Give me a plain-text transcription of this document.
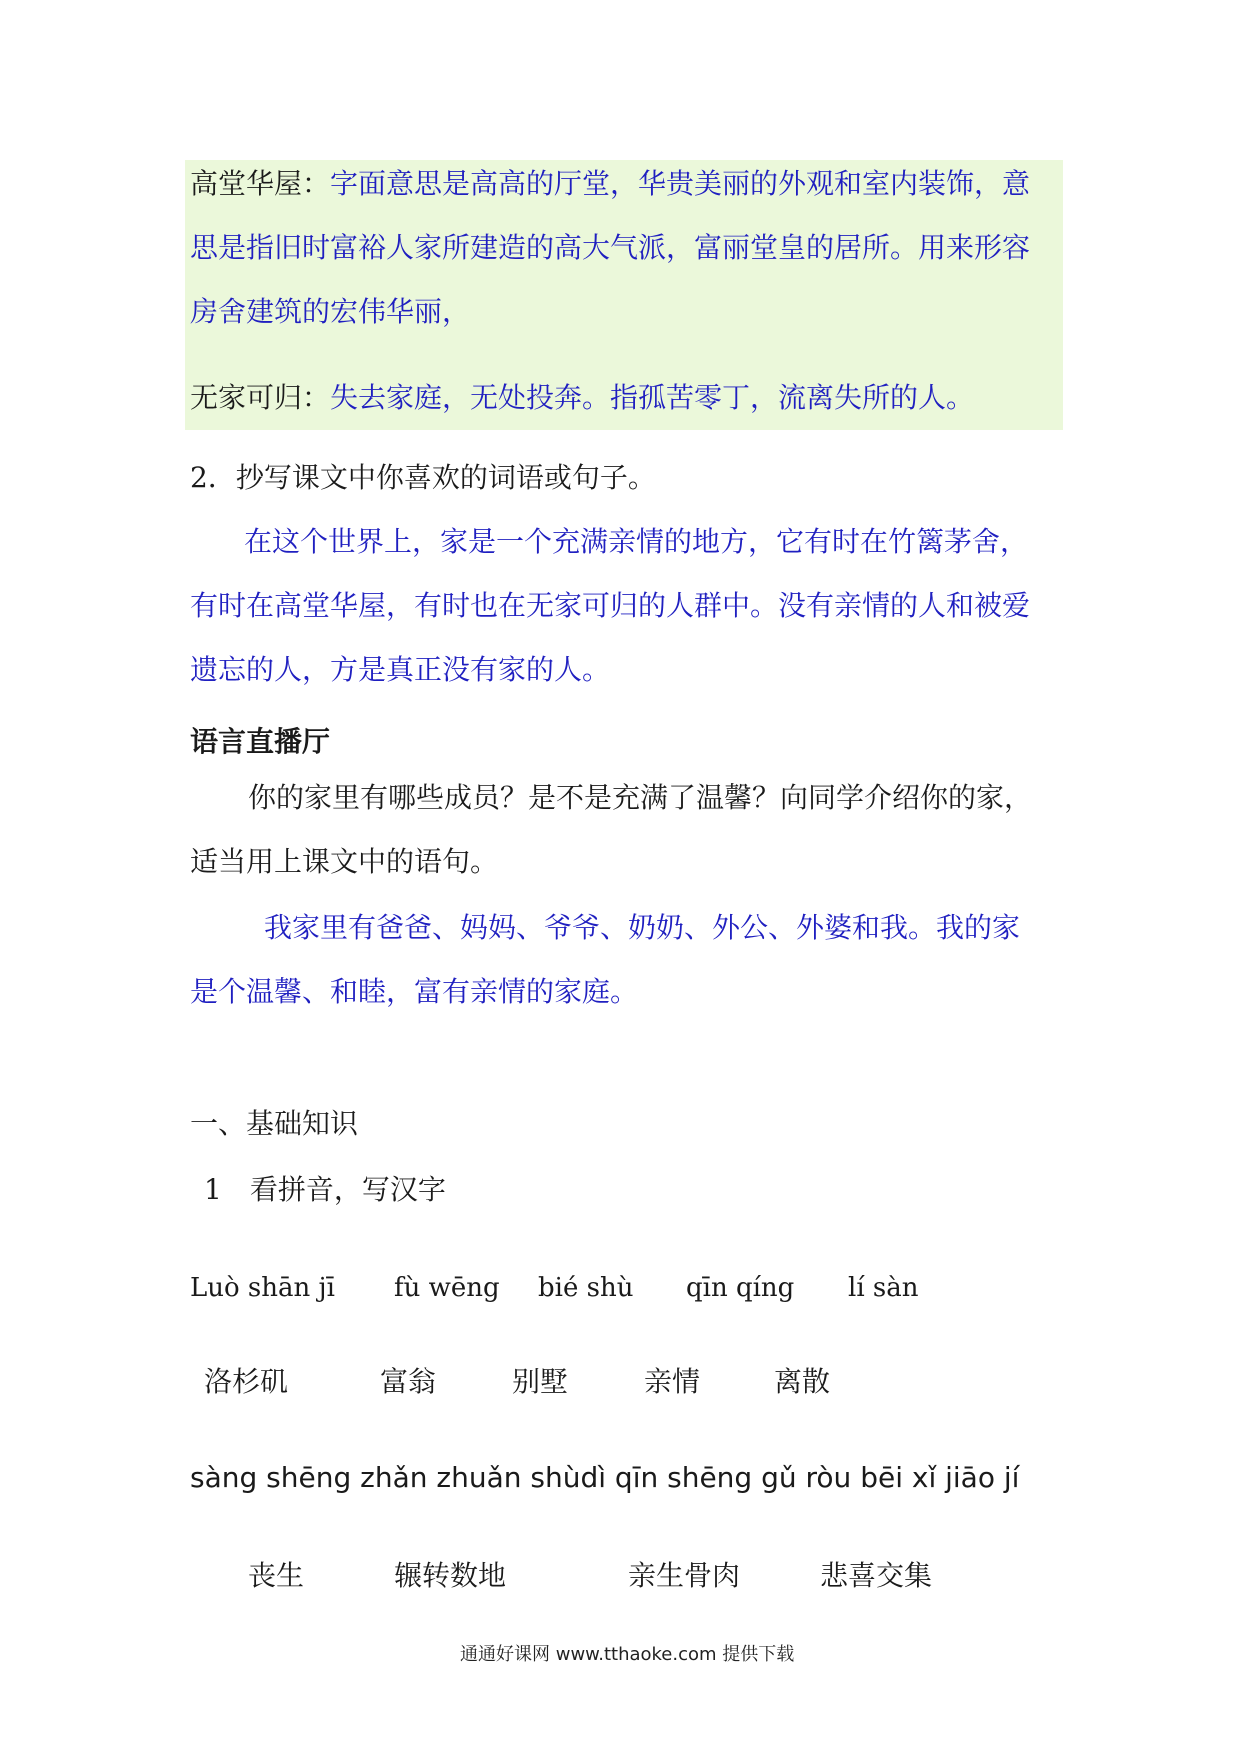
高堂华屋：字面意思是高高的厅堂，华贵美丽的外观和室内装饰，意
思是指旧时富裕人家所建造的高大气派，富丽堂皇的居所。用来形容
房舍建筑的宏伟华丽，
无家可归：失去家庭，无处投奔。指孤苦零丁，流离失所的人。
2．抄写课文中你喜欢的词语或句子。
在这个世界上，家是一个充满亲情的地方，它有时在竹篱茅舍，
有时在高堂华屋，有时也在无家可归的人群中。没有亲情的人和被爱
遗忘的人，方是真正没有家的人。
语言直播厅
你的家里有哪些成员？是不是充满了温馨？向同学介绍你的家，
适当用上课文中的语句。
我家里有爸爸、妈妈、爷爷、奶奶、外公、外婆和我。我的家
是个温馨、和睦，富有亲情的家庭。
一、基础知识
1　看拼音，写汉字
Luò shān jī fù wēng bié shù qīn qíng lí sàn
洛杉矶	富翁	别墅	亲情	离散
sàng shēng zhǎn zhuǎn shùdì qīn shēng gǔ ròu bēi xǐ jiāo jí
丧生	辗转数地	亲生骨肉	悲喜交集
通通好课网 www.tthaoke.com 提供下载
